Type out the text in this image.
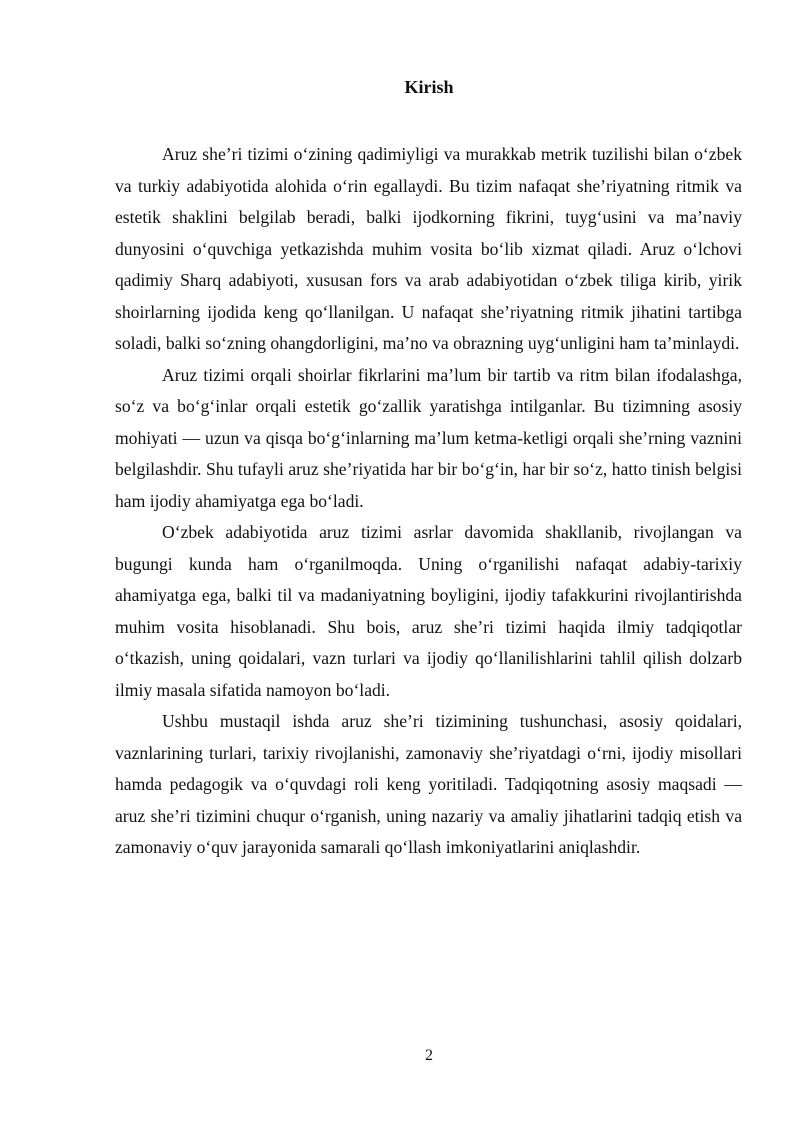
Kirish

Aruz she’ri tizimi o‘zining qadimiyligi va murakkab metrik tuzilishi bilan o‘zbek va turkiy adabiyotida alohida o‘rin egallaydi. Bu tizim nafaqat she’riyatning ritmik va estetik shaklini belgilab beradi, balki ijodkorning fikrini, tuyg‘usini va ma’naviy dunyosini o‘quvchiga yetkazishda muhim vosita bo‘lib xizmat qiladi. Aruz o‘lchovi qadimiy Sharq adabiyoti, xususan fors va arab adabiyotidan o‘zbek tiliga kirib, yirik shoirlarning ijodida keng qo‘llanilgan. U nafaqat she’riyatning ritmik jihatini tartibga soladi, balki so‘zning ohangdorligini, ma’no va obrazning uyg‘unligini ham ta’minlaydi.

Aruz tizimi orqali shoirlar fikrlarini ma’lum bir tartib va ritm bilan ifodalashga, so‘z va bo‘g‘inlar orqali estetik go‘zallik yaratishga intilganlar. Bu tizimning asosiy mohiyati — uzun va qisqa bo‘g‘inlarning ma’lum ketma-ketligi orqali she’rning vaznini belgilashdir. Shu tufayli aruz she’riyatida har bir bo‘g‘in, har bir so‘z, hatto tinish belgisi ham ijodiy ahamiyatga ega bo‘ladi.

O‘zbek adabiyotida aruz tizimi asrlar davomida shakllanib, rivojlangan va bugungi kunda ham o‘rganilmoqda. Uning o‘rganilishi nafaqat adabiy-tarixiy ahamiyatga ega, balki til va madaniyatning boyligini, ijodiy tafakkurini rivojlantirishda muhim vosita hisoblanadi. Shu bois, aruz she’ri tizimi haqida ilmiy tadqiqotlar o‘tkazish, uning qoidalari, vazn turlari va ijodiy qo‘llanilishlarini tahlil qilish dolzarb ilmiy masala sifatida namoyon bo‘ladi.

Ushbu mustaqil ishda aruz she’ri tizimining tushunchasi, asosiy qoidalari, vaznlarining turlari, tarixiy rivojlanishi, zamonaviy she’riyatdagi o‘rni, ijodiy misollari hamda pedagogik va o‘quvdagi roli keng yoritiladi. Tadqiqotning asosiy maqsadi — aruz she’ri tizimini chuqur o‘rganish, uning nazariy va amaliy jihatlarini tadqiq etish va zamonaviy o‘quv jarayonida samarali qo‘llash imkoniyatlarini aniqlashdir.

2
